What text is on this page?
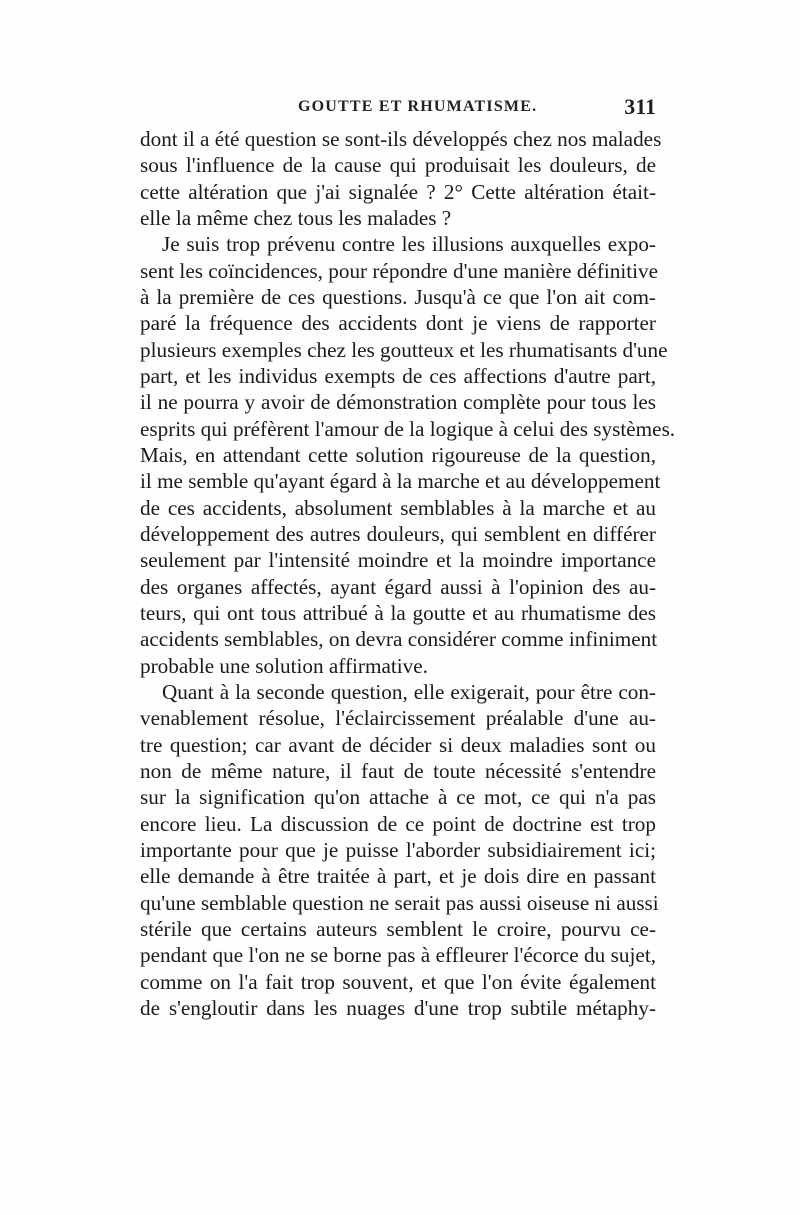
GOUTTE ET RHUMATISME.	311
dont il a été question se sont-ils développés chez nos malades
sous l'influence de la cause qui produisait les douleurs, de
cette altération que j'ai signalée ? 2° Cette altération était-
elle la même chez tous les malades ?
Je suis trop prévenu contre les illusions auxquelles expo-
sent les coïncidences, pour répondre d'une manière définitive
à la première de ces questions. Jusqu'à ce que l'on ait com-
paré la fréquence des accidents dont je viens de rapporter
plusieurs exemples chez les goutteux et les rhumatisants d'une
part, et les individus exempts de ces affections d'autre part,
il ne pourra y avoir de démonstration complète pour tous les
esprits qui préfèrent l'amour de la logique à celui des systèmes.
Mais, en attendant cette solution rigoureuse de la question,
il me semble qu'ayant égard à la marche et au développement
de ces accidents, absolument semblables à la marche et au
développement des autres douleurs, qui semblent en différer
seulement par l'intensité moindre et la moindre importance
des organes affectés, ayant égard aussi à l'opinion des au-
teurs, qui ont tous attribué à la goutte et au rhumatisme des
accidents semblables, on devra considérer comme infiniment
probable une solution affirmative.
Quant à la seconde question, elle exigerait, pour être con-
venablement résolue, l'éclaircissement préalable d'une au-
tre question; car avant de décider si deux maladies sont ou
non de même nature, il faut de toute nécessité s'entendre
sur la signification qu'on attache à ce mot, ce qui n'a pas
encore lieu. La discussion de ce point de doctrine est trop
importante pour que je puisse l'aborder subsidiairement ici;
elle demande à être traitée à part, et je dois dire en passant
qu'une semblable question ne serait pas aussi oiseuse ni aussi
stérile que certains auteurs semblent le croire, pourvu ce-
pendant que l'on ne se borne pas à effleurer l'écorce du sujet,
comme on l'a fait trop souvent, et que l'on évite également
de s'engloutir dans les nuages d'une trop subtile métaphy-
